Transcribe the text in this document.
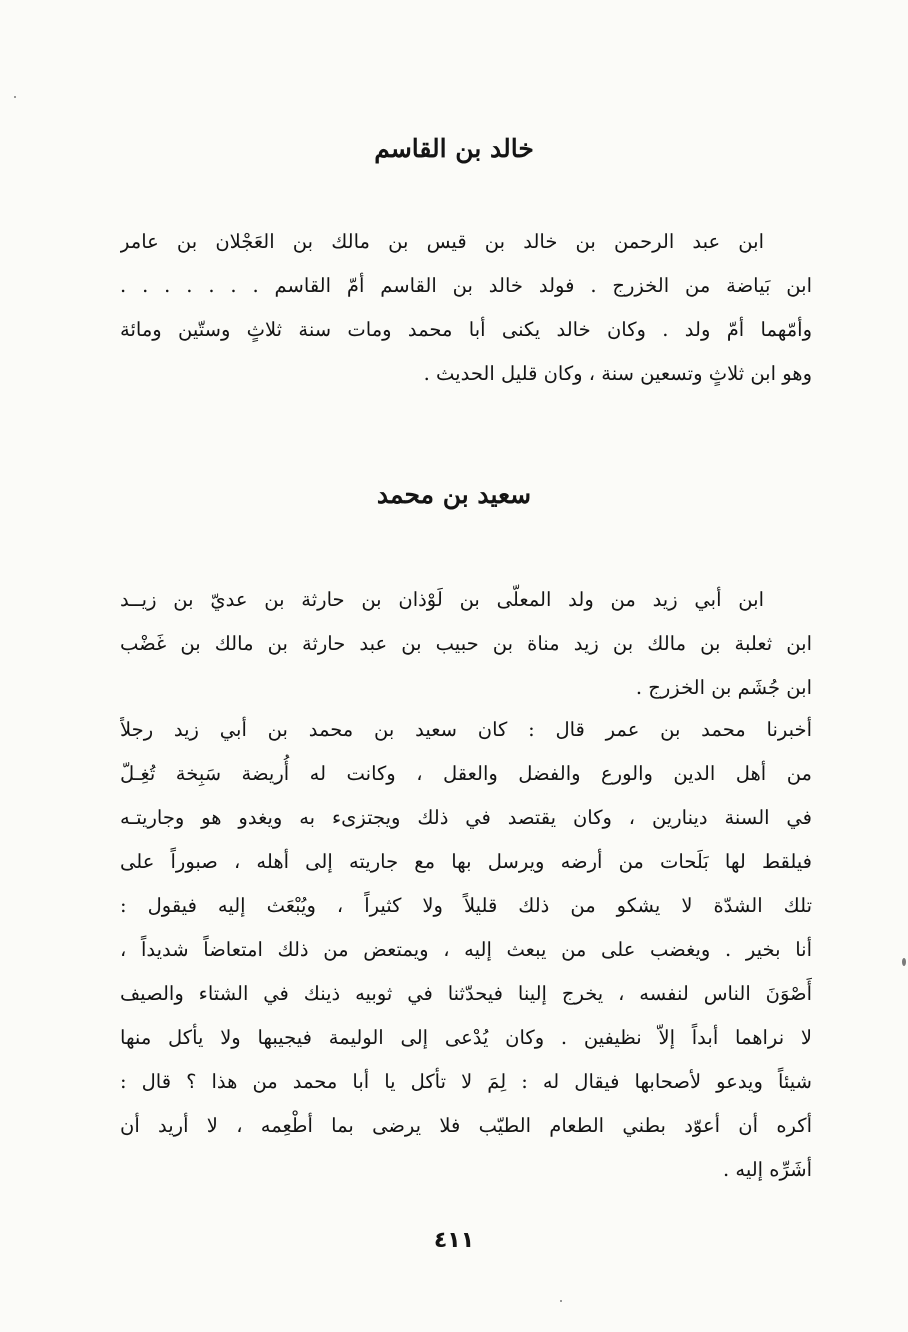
خالد بن القاسم
ابن عبد الرحمن بن خالد بن قيس بن مالك بن العَجْلان بن عامر
ابن بَياضة من الخزرج . فولد خالد بن القاسم أمّ القاسم . . . . . . .
وأمّهما أمّ ولد . وكان خالد يكنى أبا محمد ومات سنة ثلاثٍ وستّين ومائة
وهو ابن ثلاثٍ وتسعين سنة ، وكان قليل الحديث .
سعيد بن محمد
ابن أبي زيد من ولد المعلّى بن لَوْذان بن حارثة بن عديّ بن زيــد
ابن ثعلبة بن مالك بن زيد مناة بن حبيب بن عبد حارثة بن مالك بن غَضْب
ابن جُشَم بن الخزرج .
أخبرنا محمد بن عمر قال : كان سعيد بن محمد بن أبي زيد رجلاً
من أهل الدين والورع والفضل والعقل ، وكانت له أُريضة سَبِخة تُغِـلّ
في السنة دينارين ، وكان يقتصد في ذلك ويجتزىء به ويغدو هو وجاريتـه
فيلقط لها بَلَحات من أرضه ويرسل بها مع جاريته إلى أهله ، صبوراً على
تلك الشدّة لا يشكو من ذلك قليلاً ولا كثيراً ، ويُبْعَث إليه فيقول :
أنا بخير . ويغضب على من يبعث إليه ، ويمتعض من ذلك امتعاضاً شديداً ،
أَصْوَنَ الناس لنفسه ، يخرج إلينا فيحدّثنا في ثوبيه ذينك في الشتاء والصيف
لا نراهما أبداً إلاّ نظيفين . وكان يُدْعى إلى الوليمة فيجيبها ولا يأكل منها
شيئاً ويدعو لأصحابها فيقال له : لِمَ لا تأكل يا أبا محمد من هذا ؟ قال :
أكره أن أعوّد بطني الطعام الطيّب فلا يرضى بما أطْعِمه ، لا أريد أن
أشَرِّه إليه .
٤١١
